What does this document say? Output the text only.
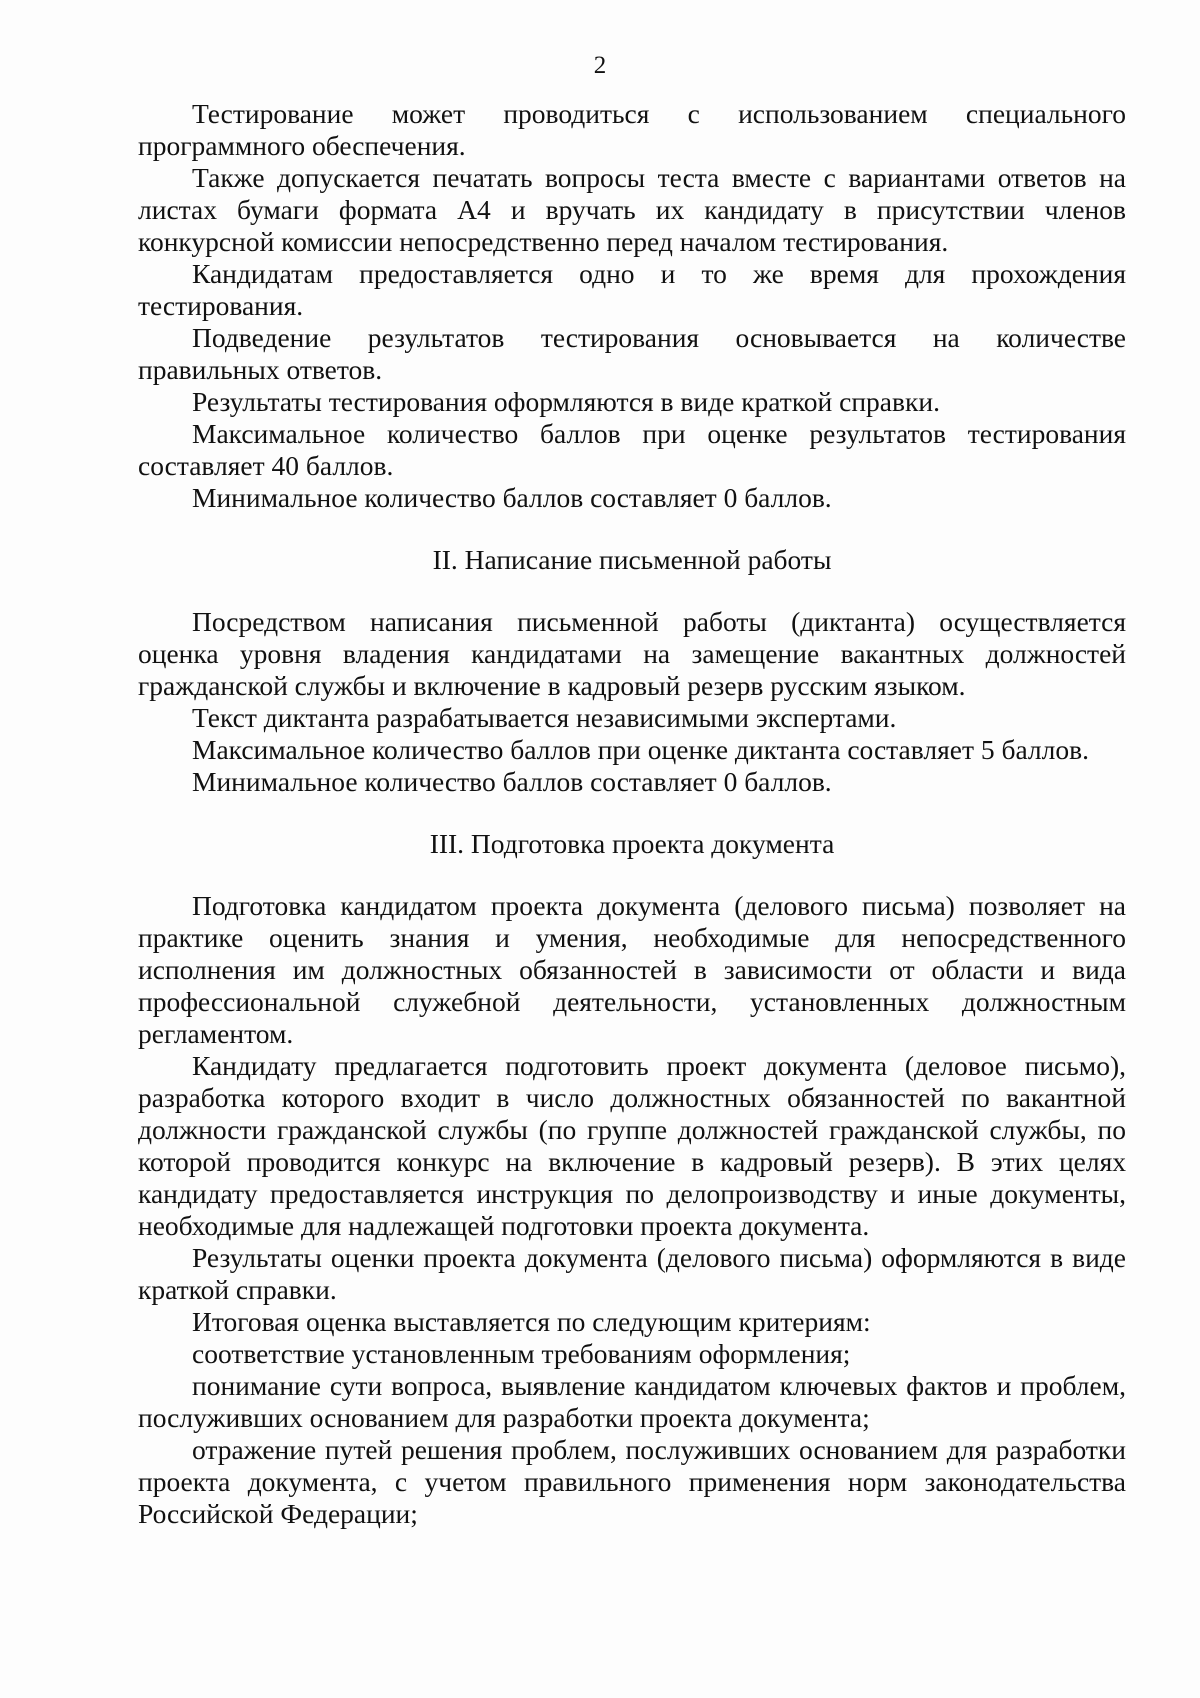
2
Тестирование может проводиться с использованием специального программного обеспечения.
Также допускается печатать вопросы теста вместе с вариантами ответов на листах бумаги формата А4 и вручать их кандидату в присутствии членов конкурсной комиссии непосредственно перед началом тестирования.
Кандидатам предоставляется одно и то же время для прохождения тестирования.
Подведение результатов тестирования основывается на количестве правильных ответов.
Результаты тестирования оформляются в виде краткой справки.
Максимальное количество баллов при оценке результатов тестирования составляет 40 баллов.
Минимальное количество баллов составляет 0 баллов.
II. Написание письменной работы
Посредством написания письменной работы (диктанта) осуществляется оценка уровня владения кандидатами на замещение вакантных должностей гражданской службы и включение в кадровый резерв русским языком.
Текст диктанта разрабатывается независимыми экспертами.
Максимальное количество баллов при оценке диктанта составляет 5 баллов.
Минимальное количество баллов составляет 0 баллов.
III. Подготовка проекта документа
Подготовка кандидатом проекта документа (делового письма) позволяет на практике оценить знания и умения, необходимые для непосредственного исполнения им должностных обязанностей в зависимости от области и вида профессиональной служебной деятельности, установленных должностным регламентом.
Кандидату предлагается подготовить проект документа (деловое письмо), разработка которого входит в число должностных обязанностей по вакантной должности гражданской службы (по группе должностей гражданской службы, по которой проводится конкурс на включение в кадровый резерв). В этих целях кандидату предоставляется инструкция по делопроизводству и иные документы, необходимые для надлежащей подготовки проекта документа.
Результаты оценки проекта документа (делового письма) оформляются в виде краткой справки.
Итоговая оценка выставляется по следующим критериям:
соответствие установленным требованиям оформления;
понимание сути вопроса, выявление кандидатом ключевых фактов и проблем, послуживших основанием для разработки проекта документа;
отражение путей решения проблем, послуживших основанием для разработки проекта документа, с учетом правильного применения норм законодательства Российской Федерации;
